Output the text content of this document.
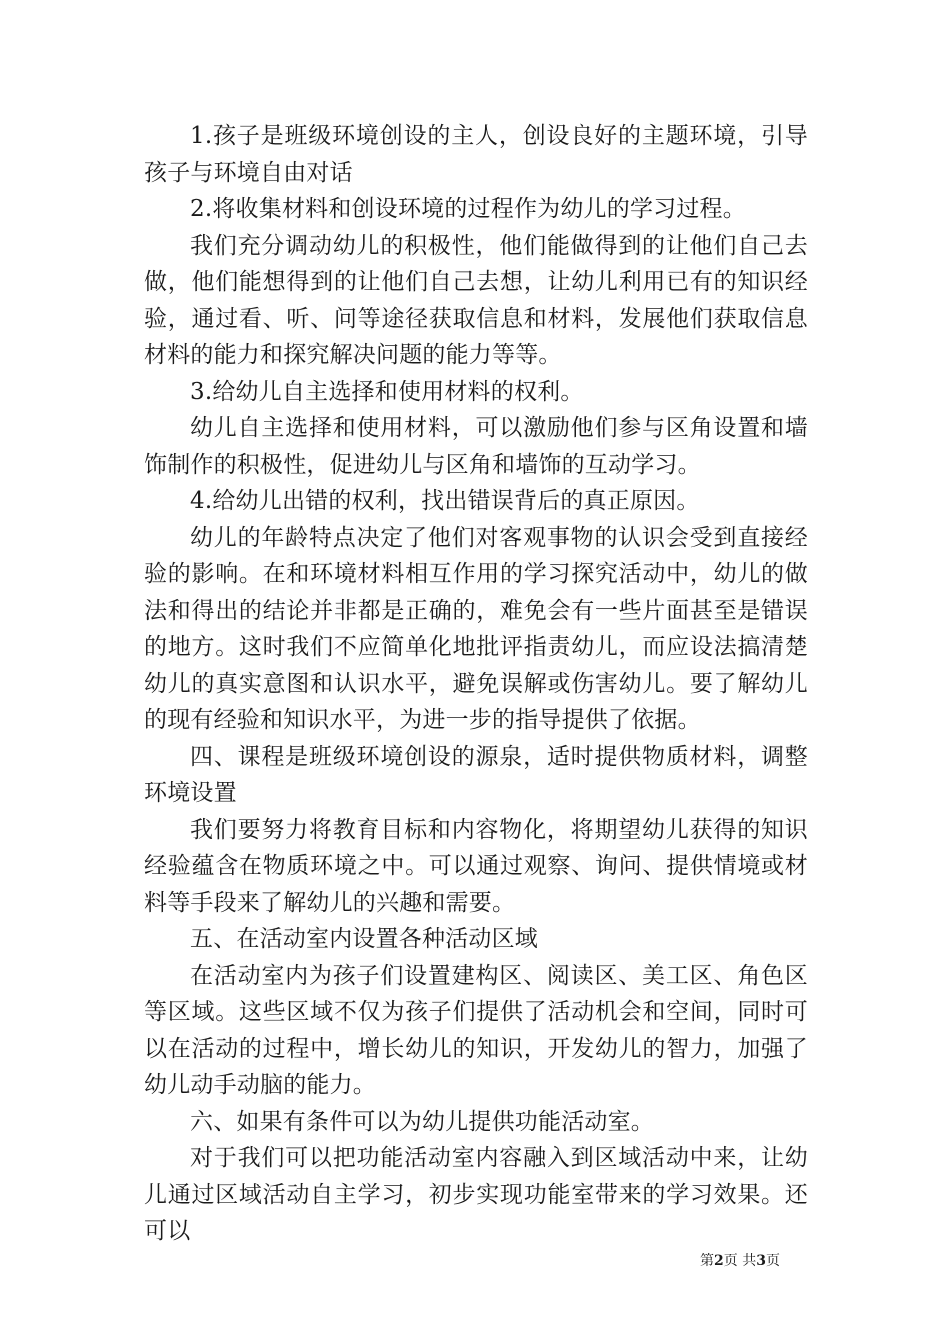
1.孩子是班级环境创设的主人，创设良好的主题环境，引导孩子与环境自由对话

2.将收集材料和创设环境的过程作为幼儿的学习过程。

我们充分调动幼儿的积极性，他们能做得到的让他们自己去做，他们能想得到的让他们自己去想，让幼儿利用已有的知识经验，通过看、听、问等途径获取信息和材料，发展他们获取信息材料的能力和探究解决问题的能力等等。

3.给幼儿自主选择和使用材料的权利。

幼儿自主选择和使用材料，可以激励他们参与区角设置和墙饰制作的积极性，促进幼儿与区角和墙饰的互动学习。

4.给幼儿出错的权利，找出错误背后的真正原因。

幼儿的年龄特点决定了他们对客观事物的认识会受到直接经验的影响。在和环境材料相互作用的学习探究活动中，幼儿的做法和得出的结论并非都是正确的，难免会有一些片面甚至是错误的地方。这时我们不应简单化地批评指责幼儿，而应设法搞清楚幼儿的真实意图和认识水平，避免误解或伤害幼儿。要了解幼儿的现有经验和知识水平，为进一步的指导提供了依据。

四、课程是班级环境创设的源泉，适时提供物质材料，调整环境设置

我们要努力将教育目标和内容物化，将期望幼儿获得的知识经验蕴含在物质环境之中。可以通过观察、询问、提供情境或材料等手段来了解幼儿的兴趣和需要。

五、在活动室内设置各种活动区域

在活动室内为孩子们设置建构区、阅读区、美工区、角色区等区域。这些区域不仅为孩子们提供了活动机会和空间，同时可以在活动的过程中，增长幼儿的知识，开发幼儿的智力，加强了幼儿动手动脑的能力。

六、如果有条件可以为幼儿提供功能活动室。

对于我们可以把功能活动室内容融入到区域活动中来，让幼儿通过区域活动自主学习，初步实现功能室带来的学习效果。还可以

第2页 共3页
